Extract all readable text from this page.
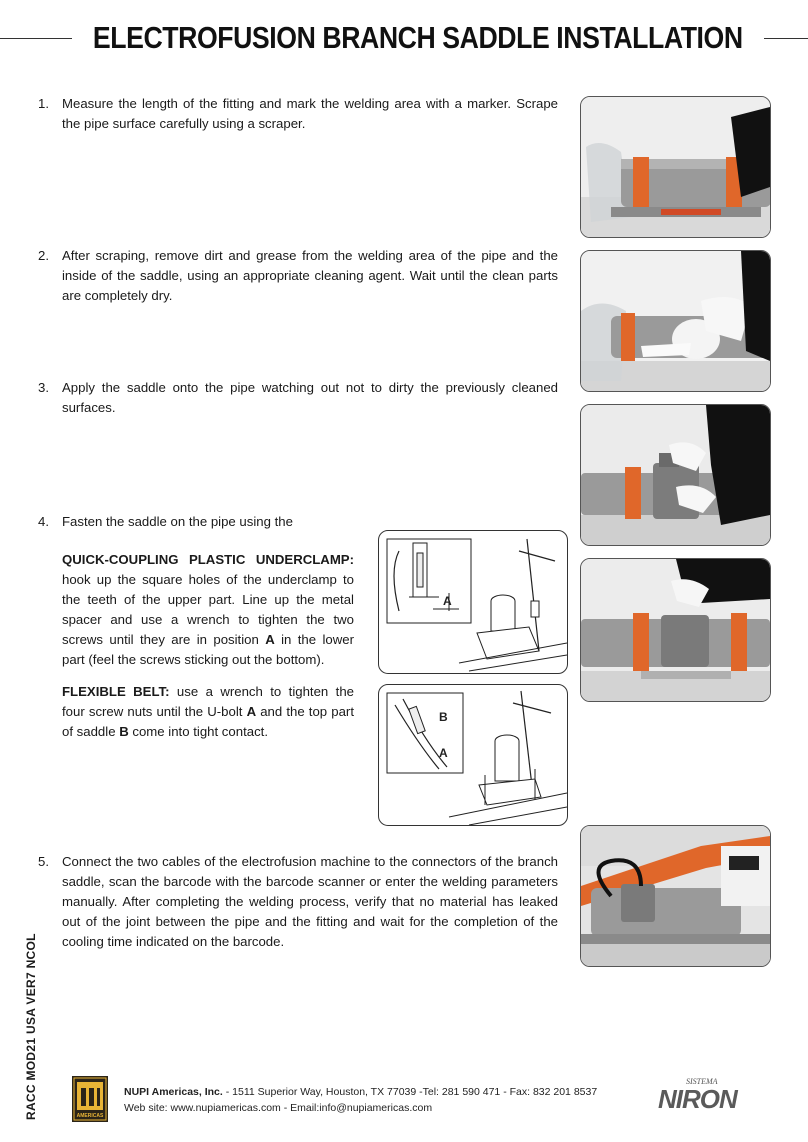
ELECTROFUSION BRANCH SADDLE INSTALLATION
1. Measure the length of the fitting and mark the welding area with a marker. Scrape the pipe surface carefully using a scraper.
2. After scraping, remove dirt and grease from the welding area of the pipe and the inside of the saddle, using an appropriate cleaning agent. Wait until the clean parts are completely dry.
3. Apply the saddle onto the pipe watching out not to dirty the previously cleaned surfaces.
4. Fasten the saddle on the pipe using the
QUICK-COUPLING PLASTIC UNDERCLAMP: hook up the square holes of the underclamp to the teeth of the upper part. Line up the metal spacer and use a wrench to tighten the two screws until they are in position A in the lower part (feel the screws sticking out the bottom).
FLEXIBLE BELT: use a wrench to tighten the four screw nuts until the U-bolt A and the top part of saddle B come into tight contact.
5. Connect the two cables of the electrofusion machine to the connectors of the branch saddle, scan the barcode with the barcode scanner or enter the welding parameters manually. After completing the welding process, verify that no material has leaked out of the joint between the pipe and the fitting and wait for the completion of the cooling time indicated on the barcode.
A
B
A
RACC MOD21 USA VER7 NCOL	AMERICAS
NUPI Americas, Inc. - 1511 Superior Way, Houston, TX 77039 -Tel: 281 590 471 - Fax: 832 201 8537
Web site: www.nupiamericas.com - Email:info@nupiamericas.com
SISTEMA
NIRON
